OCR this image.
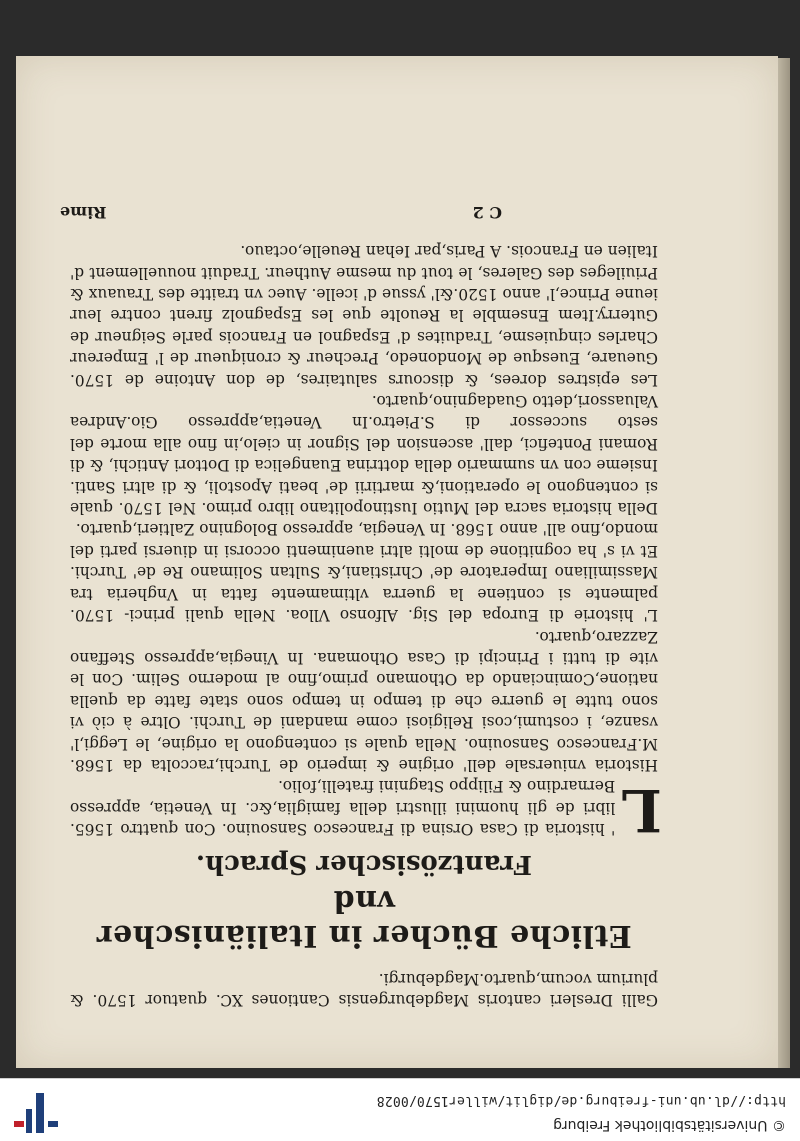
Galli Dreslеri cantoris Magdeburgensis Cantiones XC. quatuor 1570. & plurium vocum,quarto.Magdeburgi.

Etliche Bücher in Italiänischer vnd
Frantzösischer Sprach.

L
' historia di Casa Orsina di Francesco Sansouino. Con quattro 1565. libri de gli huomini illustri della famiglia,&c. In Venetia, appresso Bernardino & Filippo Stagnini fratelli,folio.

Historia vniuersale dell' origine & imperio de Turchi,raccolta da 1568. M.Francesco Sansouino. Nella quale si contengono la origine, le Leggi,l' vsanze, i costumi,cosi Religiosi come mandani de Turchi. Oltre à ciò vi sono tutte le guerre che di tempo in tempo sono state fatte da quella natione,Cominciando da Othomano primo,fino al moderno Selim. Con le vite di tutti i Principi di Casa Othomana. In Vinegia,appresso Steffano Zazzaro,quarto.

L' historie di Europa del Sig. Alfonso Vlloa. Nella quali princi- 1570. palmente si contiene la guerra vltimamente fatta in Vngheria tra Massimiliano Imperatore de' Christiani,& Sultan Solimano Re de' Turchi. Et vi s' ha cognitione de molti altri auenimenti occorsi in diuersi parti del mondo,fino all' anno 1568. In Venegia, appresso Bolognino Zaltieri,quarto.

Della historia sacra del Mutio Iustinopolitano libro primo. Nel 1570. quale si contengono le operationi,& martirii de' beati Apostoli, & di altri Santi. Insieme con vn summario della dottrina Euangelica di Dottori Antichi, & di Romani Pontefici, dall' ascension del Signor in cielo,in fino alla morte del sesto successor di S.Pietro.In Venetia,appresso Gio.Andrea Valuassori,detto Guadagnino,quarto.

Les epistres dorees, & discours salutaires, de don Antoine de 1570. Gueuare, Euesque de Mondonedo, Precheur & croniqueur de l' Empereur Charles cinquiesme, Traduites d' Espagnol en Francois parle Seigneur de Guterry.Item Ensemble la Reuolte que les Espagnolz firent contre leur ieune Prince,l' anno 1520.&l' yssue d' icelle. Auec vn traitte des Trauaux & Priuileges des Galeres, le tout du mesme Autheur. Traduit nouuellement d' Italien en Francois. A Paris,par Iehan Reuelle,octauo.

C 2
Rime
© Universitätsbibliothek Freiburg
http://dl.ub.uni-freiburg.de/diglit/willer1570/0028
